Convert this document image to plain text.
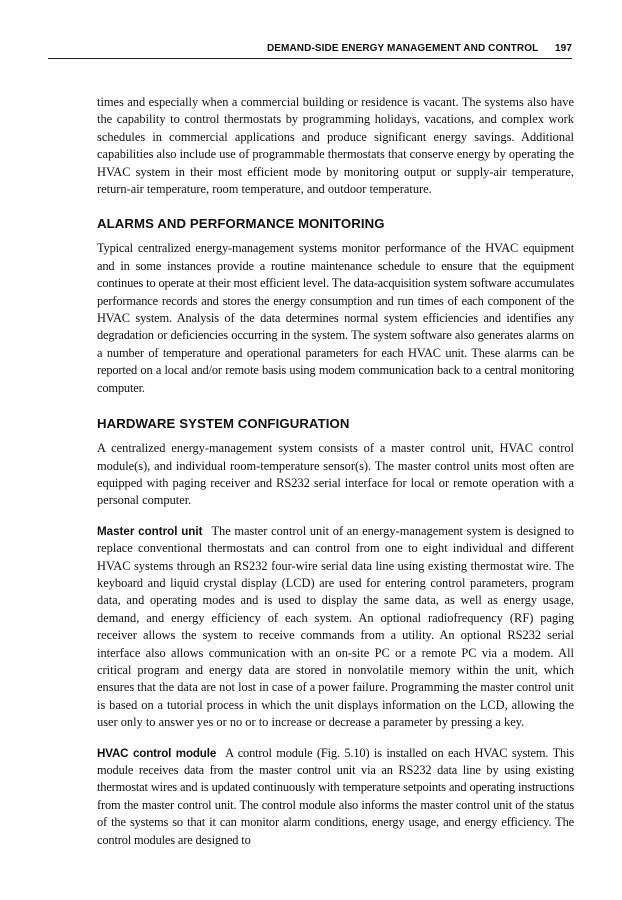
DEMAND-SIDE ENERGY MANAGEMENT AND CONTROL 197

times and especially when a commercial building or residence is vacant. The systems also have the capability to control thermostats by programming holidays, vacations, and complex work schedules in commercial applications and produce significant energy savings. Additional capabilities also include use of programmable thermostats that conserve energy by operating the HVAC system in their most efficient mode by monitoring output or supply-air temperature, return-air temperature, room temperature, and outdoor temperature.

ALARMS AND PERFORMANCE MONITORING

Typical centralized energy-management systems monitor performance of the HVAC equipment and in some instances provide a routine maintenance schedule to ensure that the equipment continues to operate at their most efficient level. The data-acquisition system software accumulates performance records and stores the energy consumption and run times of each component of the HVAC system. Analysis of the data determines normal system efficiencies and identifies any degradation or deficiencies occurring in the system. The system software also generates alarms on a number of temperature and operational parameters for each HVAC unit. These alarms can be reported on a local and/or remote basis using modem communication back to a central monitoring computer.

HARDWARE SYSTEM CONFIGURATION

A centralized energy-management system consists of a master control unit, HVAC control module(s), and individual room-temperature sensor(s). The master control units most often are equipped with paging receiver and RS232 serial interface for local or remote operation with a personal computer.

Master control unit The master control unit of an energy-management system is designed to replace conventional thermostats and can control from one to eight individual and different HVAC systems through an RS232 four-wire serial data line using existing thermostat wire. The keyboard and liquid crystal display (LCD) are used for entering control parameters, program data, and operating modes and is used to display the same data, as well as energy usage, demand, and energy efficiency of each system. An optional radiofrequency (RF) paging receiver allows the system to receive commands from a utility. An optional RS232 serial interface also allows communication with an on-site PC or a remote PC via a modem. All critical program and energy data are stored in nonvolatile memory within the unit, which ensures that the data are not lost in case of a power failure. Programming the master control unit is based on a tutorial process in which the unit displays information on the LCD, allowing the user only to answer yes or no or to increase or decrease a parameter by pressing a key.

HVAC control module A control module (Fig. 5.10) is installed on each HVAC system. This module receives data from the master control unit via an RS232 data line by using existing thermostat wires and is updated continuously with temperature setpoints and operating instructions from the master control unit. The control module also informs the master control unit of the status of the systems so that it can monitor alarm conditions, energy usage, and energy efficiency. The control modules are designed to
